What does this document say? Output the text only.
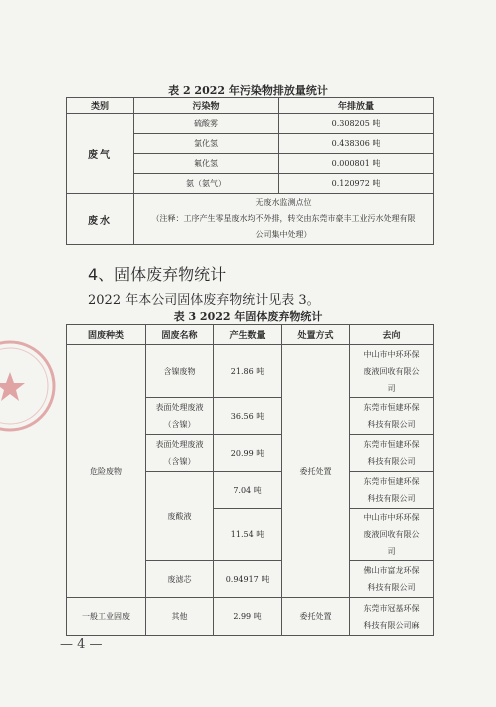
表 2 2022 年污染物排放量统计
类别	污染物	年排放量
废气	硫酸雾	0.308205 吨
	氯化氢	0.438306 吨
	氟化氢	0.000801 吨
	氨（氨气）	0.120972 吨
废水	无废水监测点位
（注释：工序产生零星废水均不外排，转交由东莞市豪丰工业污水处理有限
公司集中处理）	
4、固体废弃物统计
2022 年本公司固体废弃物统计见表 3。
表 3 2022 年固体废弃物统计
固废种类	固废名称	产生数量	处置方式	去向
危险废物	含镍废物	21.86 吨	委托处置	中山市中环环保
废液回收有限公
司

	表面处理废液
（含镍）	36.56 吨		东莞市恒建环保
科技有限公司

	表面处理废液
（含镍）	20.99 吨		东莞市恒建环保
科技有限公司

	废酸液	7.04 吨		东莞市恒建环保
科技有限公司

		11.54 吨		中山市中环环保
废液回收有限公
司

	废滤芯	0.94917 吨		佛山市富龙环保
科技有限公司

一般工业固废	其他	2.99 吨	委托处置	东莞市冠基环保
科技有限公司麻
— 4 —
